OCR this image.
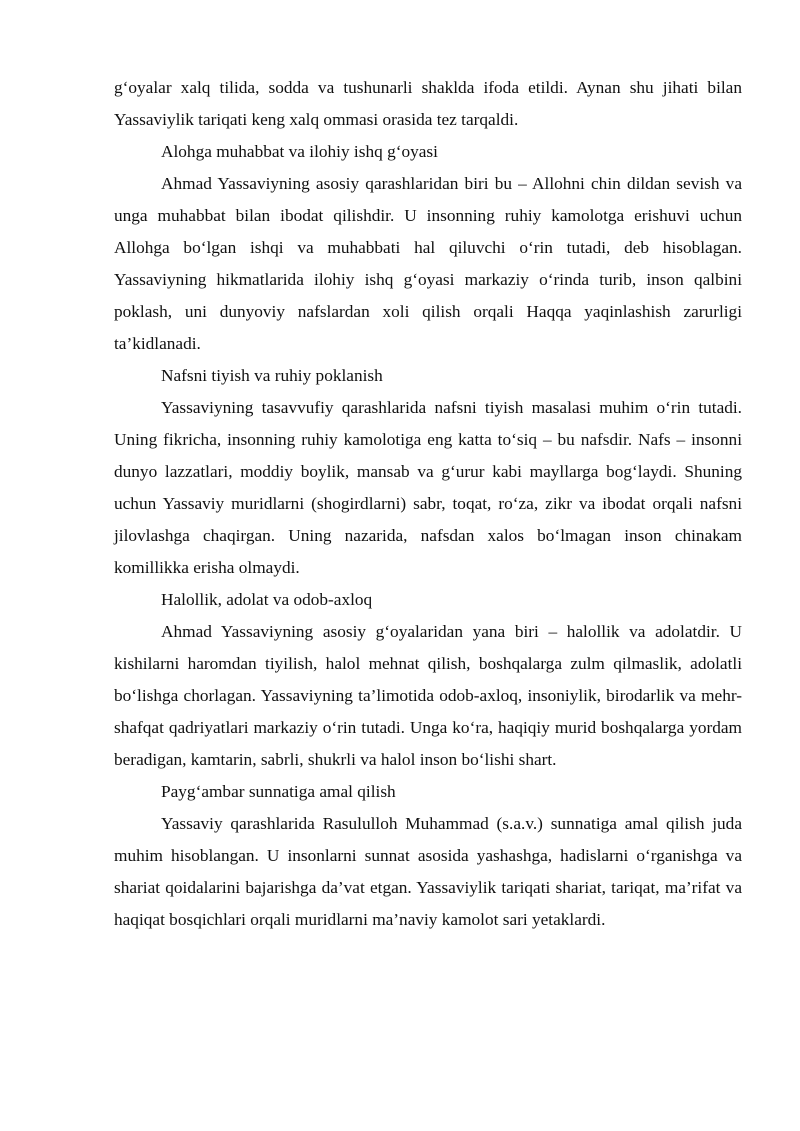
g‘oyalar xalq tilida, sodda va tushunarli shaklda ifoda etildi. Aynan shu jihati bilan Yassaviylik tariqati keng xalq ommasi orasida tez tarqaldi.

Alohga muhabbat va ilohiy ishq g‘oyasi

Ahmad Yassaviyning asosiy qarashlaridan biri bu – Allohni chin dildan sevish va unga muhabbat bilan ibodat qilishdir. U insonning ruhiy kamolotga erishuvi uchun Allohga bo‘lgan ishqi va muhabbati hal qiluvchi o‘rin tutadi, deb hisoblagan. Yassaviyning hikmatlarida ilohiy ishq g‘oyasi markaziy o‘rinda turib, inson qalbini poklash, uni dunyoviy nafslardan xoli qilish orqali Haqqa yaqinlashish zarurligi ta’kidlanadi.

Nafsni tiyish va ruhiy poklanish

Yassaviyning tasavvufiy qarashlarida nafsni tiyish masalasi muhim o‘rin tutadi. Uning fikricha, insonning ruhiy kamolotiga eng katta to‘siq – bu nafsdir. Nafs – insonni dunyo lazzatlari, moddiy boylik, mansab va g‘urur kabi mayllarga bog‘laydi. Shuning uchun Yassaviy muridlarni (shogirdlarni) sabr, toqat, ro‘za, zikr va ibodat orqali nafsni jilovlashga chaqirgan. Uning nazarida, nafsdan xalos bo‘lmagan inson chinakam komillikka erisha olmaydi.

Halollik, adolat va odob-axloq

Ahmad Yassaviyning asosiy g‘oyalaridan yana biri – halollik va adolatdir. U kishilarni haromdan tiyilish, halol mehnat qilish, boshqalarga zulm qilmaslik, adolatli bo‘lishga chorlagan. Yassaviyning ta’limotida odob-axloq, insoniylik, birodarlik va mehr-shafqat qadriyatlari markaziy o‘rin tutadi. Unga ko‘ra, haqiqiy murid boshqalarga yordam beradigan, kamtarin, sabrli, shukrli va halol inson bo‘lishi shart.

Payg‘ambar sunnatiga amal qilish

Yassaviy qarashlarida Rasululloh Muhammad (s.a.v.) sunnatiga amal qilish juda muhim hisoblangan. U insonlarni sunnat asosida yashashga, hadislarni o‘rganishga va shariat qoidalarini bajarishga da’vat etgan. Yassaviylik tariqati shariat, tariqat, ma’rifat va haqiqat bosqichlari orqali muridlarni ma’naviy kamolot sari yetaklardi.
